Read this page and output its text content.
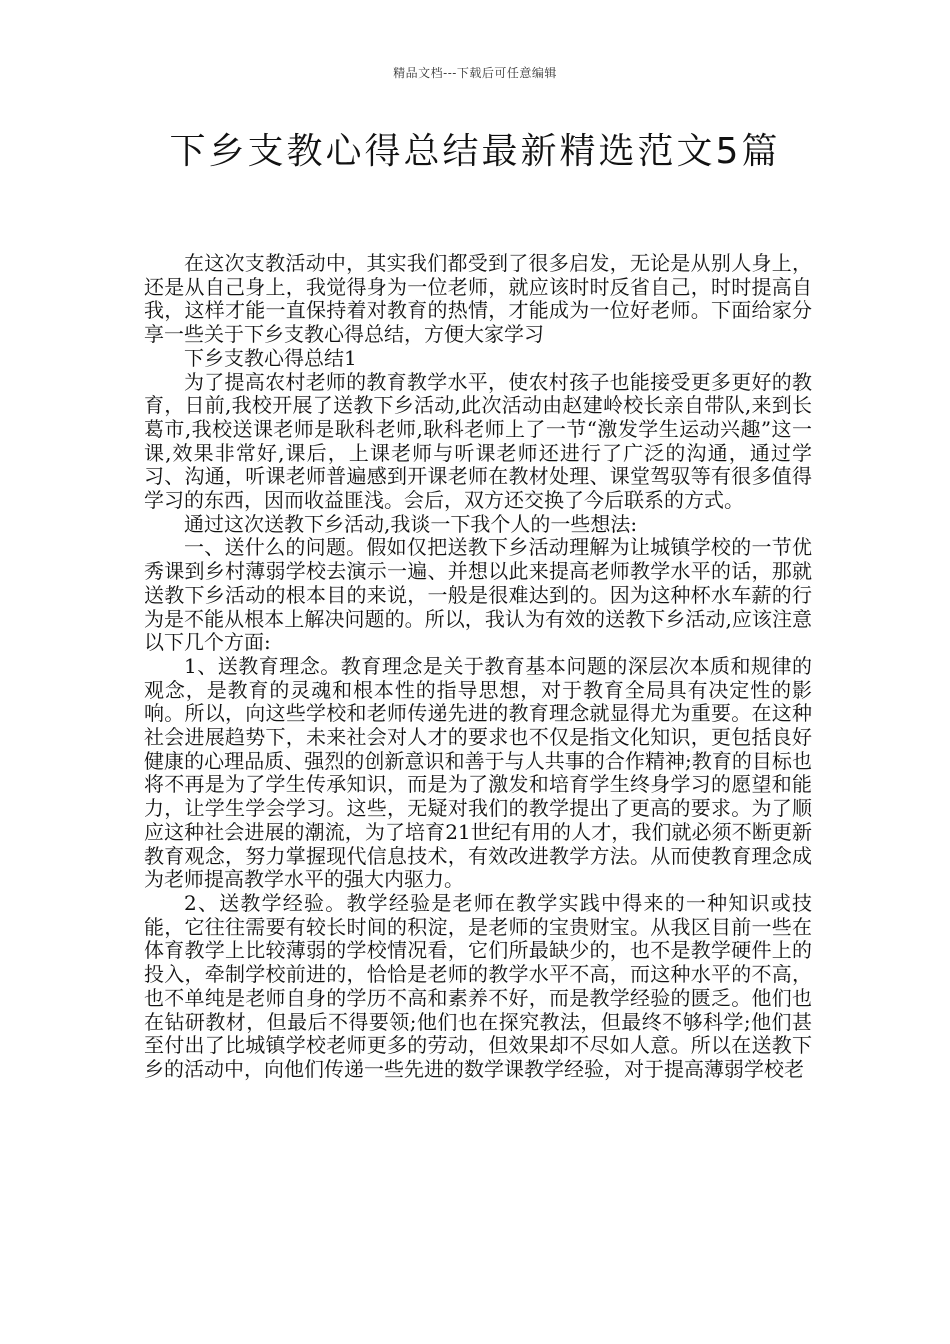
精品文档---下载后可任意编辑
下乡支教心得总结最新精选范文5篇

在这次支教活动中，其实我们都受到了很多启发，无论是从别人身上，还是从自己身上，我觉得身为一位老师，就应该时时反省自己，时时提高自我，这样才能一直保持着对教育的热情，才能成为一位好老师。下面给家分享一些关于下乡支教心得总结，方便大家学习

下乡支教心得总结1

为了提高农村老师的教育教学水平，使农村孩子也能接受更多更好的教育，日前,我校开展了送教下乡活动,此次活动由赵建岭校长亲自带队,来到长葛市,我校送课老师是耿科老师,耿科老师上了一节“激发学生运动兴趣”这一课,效果非常好,课后，上课老师与听课老师还进行了广泛的沟通，通过学习、沟通，听课老师普遍感到开课老师在教材处理、课堂驾驭等有很多值得学习的东西，因而收益匪浅。会后，双方还交换了今后联系的方式。

通过这次送教下乡活动,我谈一下我个人的一些想法:

一、送什么的问题。假如仅把送教下乡活动理解为让城镇学校的一节优秀课到乡村薄弱学校去演示一遍、并想以此来提高老师教学水平的话，那就送教下乡活动的根本目的来说，一般是很难达到的。因为这种杯水车薪的行为是不能从根本上解决问题的。所以，我认为有效的送教下乡活动,应该注意以下几个方面:

1、送教育理念。教育理念是关于教育基本问题的深层次本质和规律的观念，是教育的灵魂和根本性的指导思想，对于教育全局具有决定性的影响。所以，向这些学校和老师传递先进的教育理念就显得尤为重要。在这种社会进展趋势下，未来社会对人才的要求也不仅是指文化知识，更包括良好健康的心理品质、强烈的创新意识和善于与人共事的合作精神;教育的目标也将不再是为了学生传承知识，而是为了激发和培育学生终身学习的愿望和能力，让学生学会学习。这些，无疑对我们的教学提出了更高的要求。为了顺应这种社会进展的潮流，为了培育21世纪有用的人才，我们就必须不断更新教育观念，努力掌握现代信息技术，有效改进教学方法。从而使教育理念成为老师提高教学水平的强大内驱力。

2、送教学经验。教学经验是老师在教学实践中得来的一种知识或技能，它往往需要有较长时间的积淀，是老师的宝贵财宝。从我区目前一些在体育教学上比较薄弱的学校情况看，它们所最缺少的，也不是教学硬件上的投入，牵制学校前进的，恰恰是老师的教学水平不高，而这种水平的不高，也不单纯是老师自身的学历不高和素养不好，而是教学经验的匮乏。他们也在钻研教材，但最后不得要领;他们也在探究教法，但最终不够科学;他们甚至付出了比城镇学校老师更多的劳动，但效果却不尽如人意。所以在送教下乡的活动中，向他们传递一些先进的数学课教学经验，对于提高薄弱学校老
